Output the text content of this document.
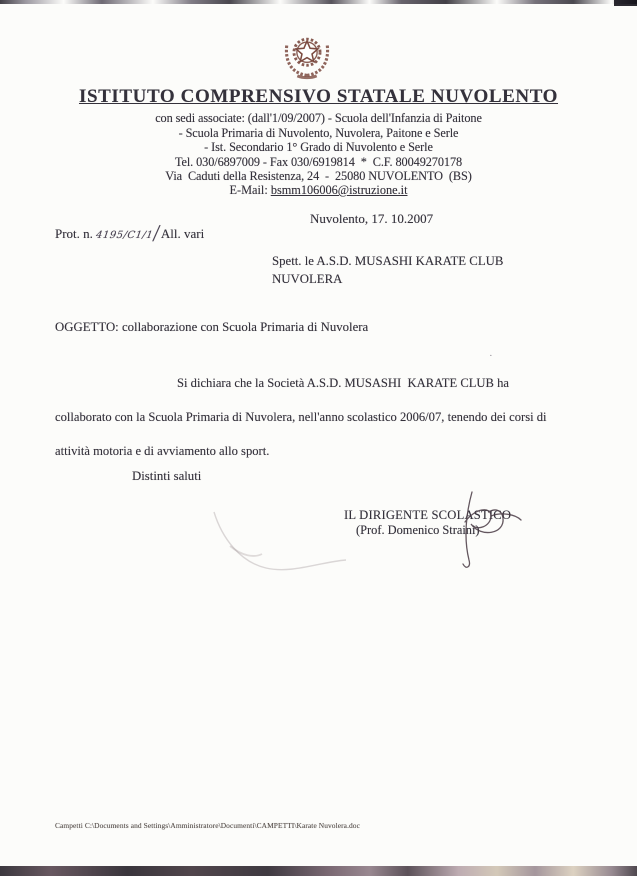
ISTITUTO COMPRENSIVO STATALE NUVOLENTO
con sedi associate: (dall'1/09/2007) - Scuola dell'Infanzia di Paitone
- Scuola Primaria di Nuvolento, Nuvolera, Paitone e Serle
- Ist. Secondario 1° Grado di Nuvolento e Serle
Tel. 030/6897009 - Fax 030/6919814  *  C.F. 80049270178
Via  Caduti della Resistenza, 24  -  25080 NUVOLENTO  (BS)
E-Mail: bsmm106006@istruzione.it
Nuvolento, 17. 10.2007
Prot. n. 4195/C1/1/All. vari
Spett. le A.S.D. MUSASHI KARATE CLUB
NUVOLERA
OGGETTO: collaborazione con Scuola Primaria di Nuvolera
·
Si dichiara che la Società A.S.D. MUSASHI  KARATE CLUB ha
collaborato con la Scuola Primaria di Nuvolera, nell'anno scolastico 2006/07, tenendo dei corsi di
attività motoria e di avviamento allo sport.
Distinti saluti
IL DIRIGENTE SCOLASTICO
(Prof. Domenico Straini)
Campetti C:\Documents and Settings\Amministratore\Documenti\CAMPETTI\Karate Nuvolera.doc
